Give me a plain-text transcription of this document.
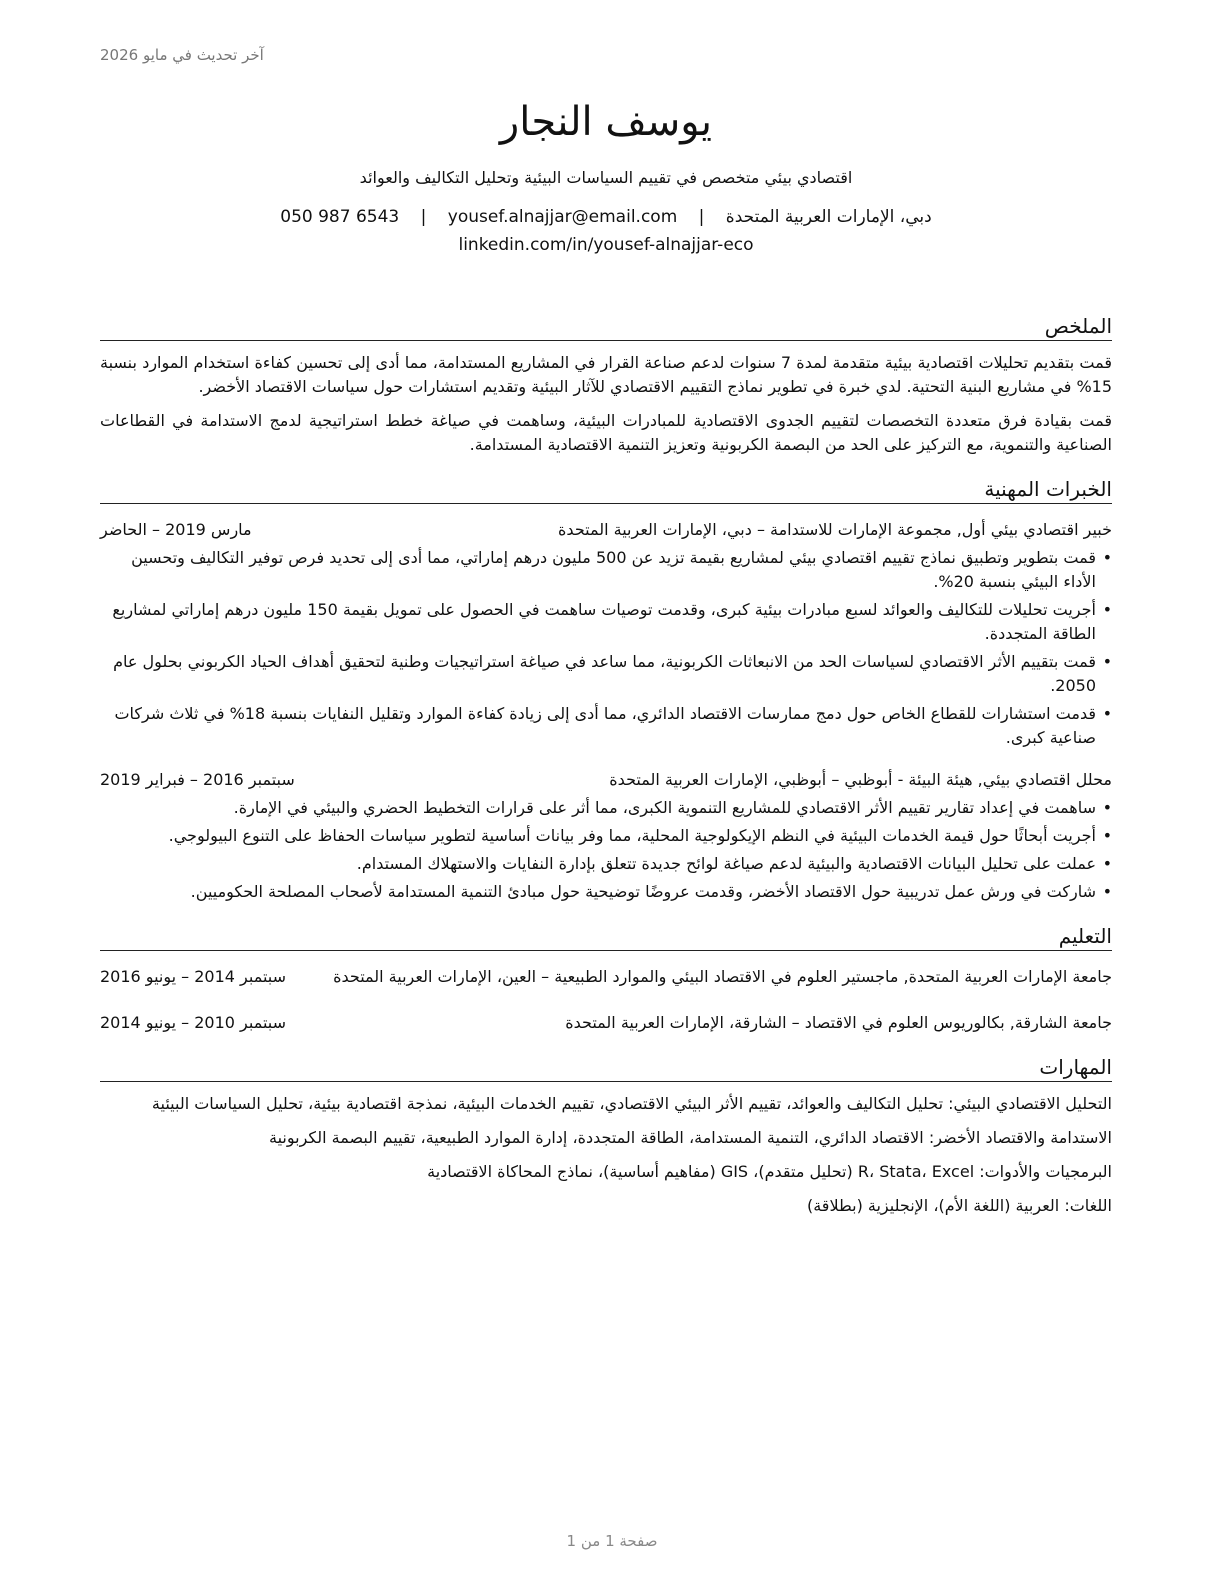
آخر تحديث في مايو 2026
يوسف النجار
اقتصادي بيئي متخصص في تقييم السياسات البيئية وتحليل التكاليف والعوائد
دبي، الإمارات العربية المتحدة | yousef.alnajjar@email.com | 050 987 6543
linkedin.com/in/yousef-alnajjar-eco
الملخص

قمت بتقديم تحليلات اقتصادية بيئية متقدمة لمدة 7 سنوات لدعم صناعة القرار في المشاريع المستدامة، مما أدى إلى تحسين كفاءة استخدام الموارد بنسبة 15% في مشاريع البنية التحتية. لدي خبرة في تطوير نماذج التقييم الاقتصادي للآثار البيئية وتقديم استشارات حول سياسات الاقتصاد الأخضر.

قمت بقيادة فرق متعددة التخصصات لتقييم الجدوى الاقتصادية للمبادرات البيئية، وساهمت في صياغة خطط استراتيجية لدمج الاستدامة في القطاعات الصناعية والتنموية، مع التركيز على الحد من البصمة الكربونية وتعزيز التنمية الاقتصادية المستدامة.

الخبرات المهنية
خبير اقتصادي بيئي أول, مجموعة الإمارات للاستدامة – دبي، الإمارات العربية المتحدة
مارس 2019 – الحاضر
• قمت بتطوير وتطبيق نماذج تقييم اقتصادي بيئي لمشاريع بقيمة تزيد عن 500 مليون درهم إماراتي، مما أدى إلى تحديد فرص توفير التكاليف وتحسين الأداء البيئي بنسبة 20%.
• أجريت تحليلات للتكاليف والعوائد لسبع مبادرات بيئية كبرى، وقدمت توصيات ساهمت في الحصول على تمويل بقيمة 150 مليون درهم إماراتي لمشاريع الطاقة المتجددة.
• قمت بتقييم الأثر الاقتصادي لسياسات الحد من الانبعاثات الكربونية، مما ساعد في صياغة استراتيجيات وطنية لتحقيق أهداف الحياد الكربوني بحلول عام 2050.
• قدمت استشارات للقطاع الخاص حول دمج ممارسات الاقتصاد الدائري، مما أدى إلى زيادة كفاءة الموارد وتقليل النفايات بنسبة 18% في ثلاث شركات صناعية كبرى.
محلل اقتصادي بيئي, هيئة البيئة - أبوظبي – أبوظبي، الإمارات العربية المتحدة
سبتمبر 2016 – فبراير 2019
• ساهمت في إعداد تقارير تقييم الأثر الاقتصادي للمشاريع التنموية الكبرى، مما أثر على قرارات التخطيط الحضري والبيئي في الإمارة.
• أجريت أبحاثًا حول قيمة الخدمات البيئية في النظم الإيكولوجية المحلية، مما وفر بيانات أساسية لتطوير سياسات الحفاظ على التنوع البيولوجي.
• عملت على تحليل البيانات الاقتصادية والبيئية لدعم صياغة لوائح جديدة تتعلق بإدارة النفايات والاستهلاك المستدام.
• شاركت في ورش عمل تدريبية حول الاقتصاد الأخضر، وقدمت عروضًا توضيحية حول مبادئ التنمية المستدامة لأصحاب المصلحة الحكوميين.
التعليم
جامعة الإمارات العربية المتحدة, ماجستير العلوم في الاقتصاد البيئي والموارد الطبيعية – العين، الإمارات العربية المتحدة
سبتمبر 2014 – يونيو 2016
جامعة الشارقة, بكالوريوس العلوم في الاقتصاد – الشارقة، الإمارات العربية المتحدة
سبتمبر 2010 – يونيو 2014
المهارات
التحليل الاقتصادي البيئي: تحليل التكاليف والعوائد، تقييم الأثر البيئي الاقتصادي، تقييم الخدمات البيئية، نمذجة اقتصادية بيئية، تحليل السياسات البيئية
الاستدامة والاقتصاد الأخضر: الاقتصاد الدائري، التنمية المستدامة، الطاقة المتجددة، إدارة الموارد الطبيعية، تقييم البصمة الكربونية
البرمجيات والأدوات: R، Stata، Excel (تحليل متقدم)، GIS (مفاهيم أساسية)، نماذج المحاكاة الاقتصادية
اللغات: العربية (اللغة الأم)، الإنجليزية (بطلاقة)
صفحة 1 من 1
